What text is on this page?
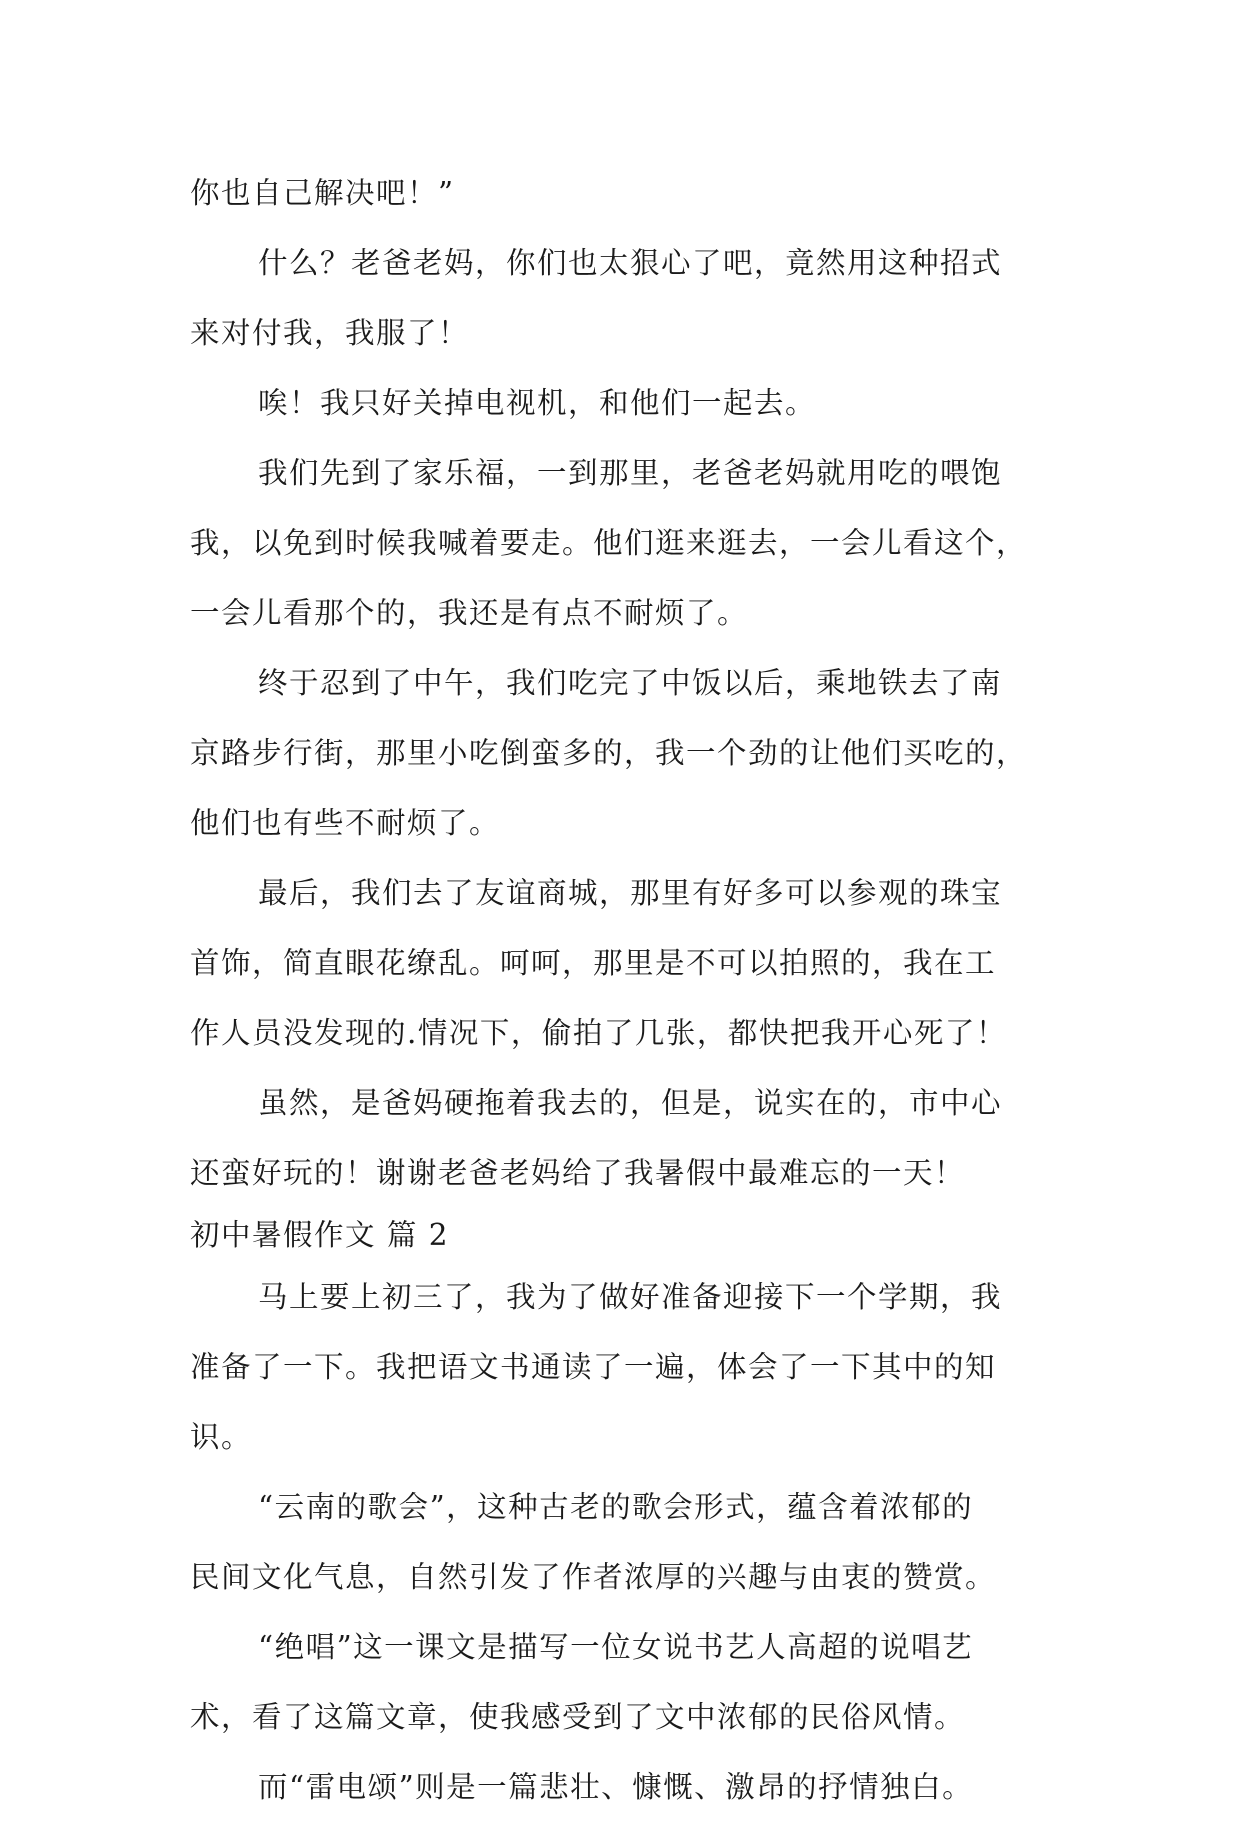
你也自己解决吧！”
什么？老爸老妈，你们也太狠心了吧，竟然用这种招式
来对付我，我服了！
唉！我只好关掉电视机，和他们一起去。
我们先到了家乐福，一到那里，老爸老妈就用吃的喂饱
我，以免到时候我喊着要走。他们逛来逛去，一会儿看这个，
一会儿看那个的，我还是有点不耐烦了。
终于忍到了中午，我们吃完了中饭以后，乘地铁去了南
京路步行街，那里小吃倒蛮多的，我一个劲的让他们买吃的，
他们也有些不耐烦了。
最后，我们去了友谊商城，那里有好多可以参观的珠宝
首饰，简直眼花缭乱。呵呵，那里是不可以拍照的，我在工
作人员没发现的.情况下，偷拍了几张，都快把我开心死了！
虽然，是爸妈硬拖着我去的，但是，说实在的，市中心
还蛮好玩的！谢谢老爸老妈给了我暑假中最难忘的一天！
初中暑假作文 篇 2
马上要上初三了，我为了做好准备迎接下一个学期，我
准备了一下。我把语文书通读了一遍，体会了一下其中的知
识。
“云南的歌会”，这种古老的歌会形式，蕴含着浓郁的
民间文化气息，自然引发了作者浓厚的兴趣与由衷的赞赏。
“绝唱”这一课文是描写一位女说书艺人高超的说唱艺
术，看了这篇文章，使我感受到了文中浓郁的民俗风情。
而“雷电颂”则是一篇悲壮、慷慨、激昂的抒情独白。
